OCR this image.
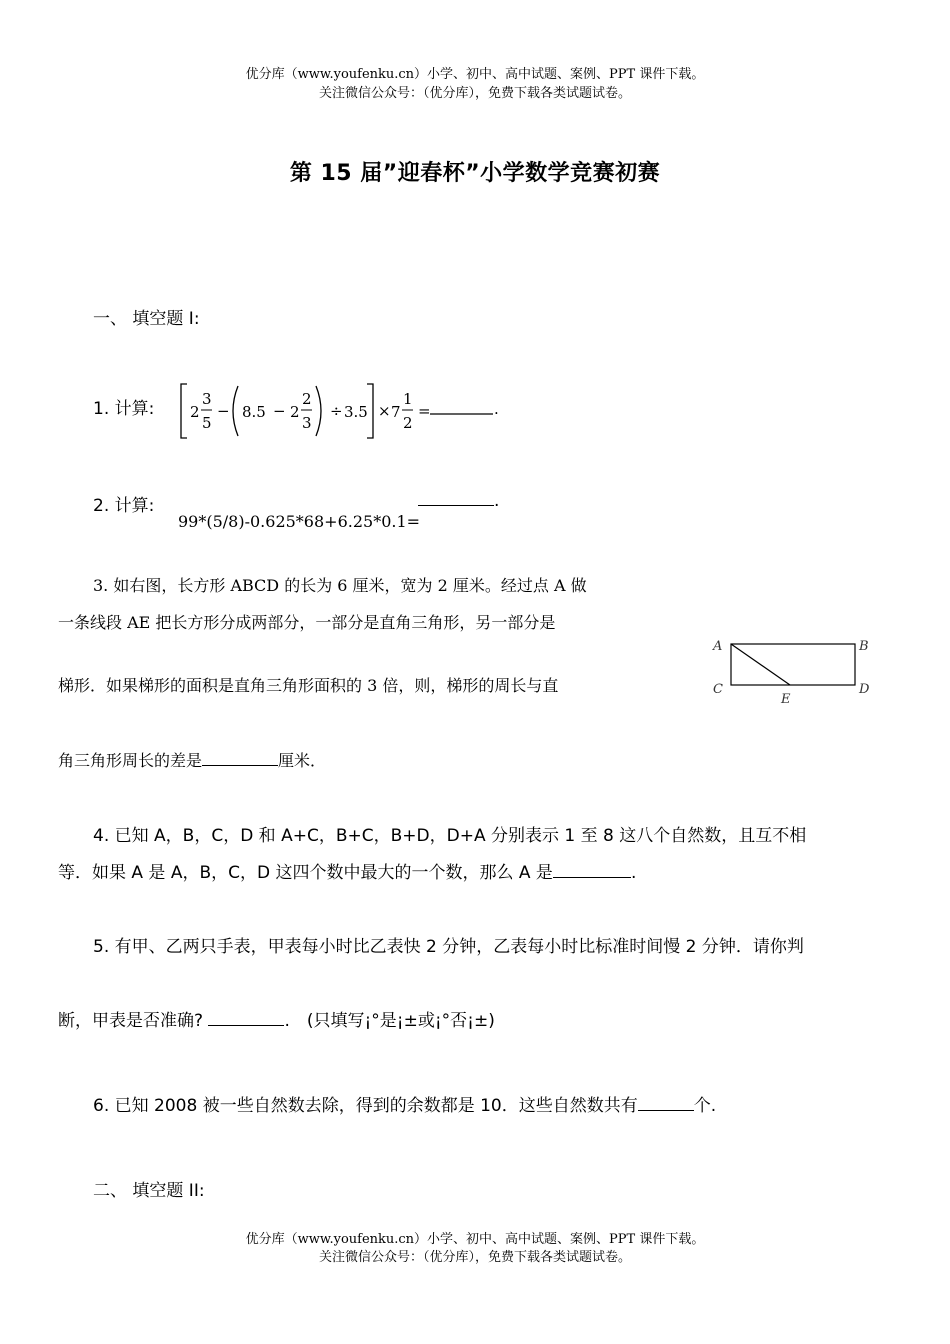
优分库（www.youfenku.cn）小学、初中、高中试题、案例、PPT 课件下载。
关注微信公众号：（优分库），免费下载各类试题试卷。
第 15 届”迎春杯”小学数学竞赛初赛
一、 填空题 I:
1. 计算: 2
3
5
− 8.5 − 2
2
3
÷ 3.5 × 7
1
2
=	.
2. 计算:	.
99*(5/8)-0.625*68+6.25*0.1=
3. 如右图，长方形 ABCD 的长为 6 厘米，宽为 2 厘米。经过点 A 做
一条线段 AE 把长方形分成两部分，一部分是直角三角形，另一部分是
梯形．如果梯形的面积是直角三角形面积的 3 倍，则，梯形的周长与直
角三角形周长的差是	厘米．
A	B
C	D
E
4. 已知 A，B，C，D 和 A+C，B+C，B+D，D+A 分别表示 1 至 8 这八个自然数，且互不相
等．如果 A 是 A，B，C，D 这四个数中最大的一个数，那么 A 是	.
5. 有甲、乙两只手表，甲表每小时比乙表快 2 分钟，乙表每小时比标准时间慢 2 分钟．请你判
断，甲表是否准确?	.　(只填写¡°是¡±或¡°否¡±)
6. 已知 2008 被一些自然数去除，得到的余数都是 10．这些自然数共有	个.
二、 填空题 II:
优分库（www.youfenku.cn）小学、初中、高中试题、案例、PPT 课件下载。
关注微信公众号：（优分库），免费下载各类试题试卷。
